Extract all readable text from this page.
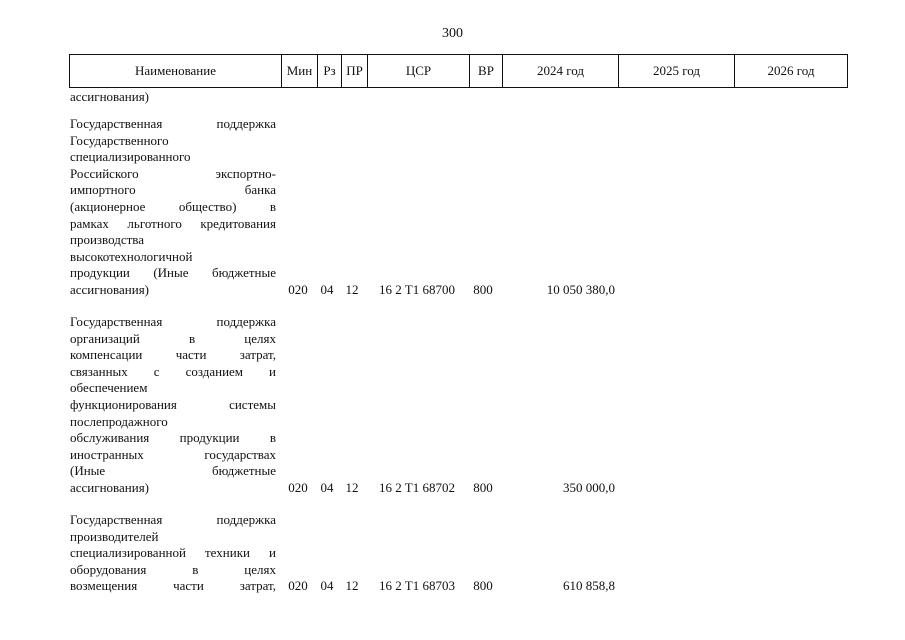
300
Наименование	Мин Рз ПР	ЦСР	ВР	2024 год	2025 год	2026 год
ассигнования)
Государственная	поддержка
Государственного
специализированного
Российского	экспортно-
импортного	банка
(акционерное	общество)	в
рамках льготного кредитования
производства
высокотехнологичной
продукции (Иные бюджетные
ассигнования)	020 04 12	16 2 T1 68700	800	10 050 380,0
Государственная	поддержка
организаций	в	целях
компенсации	части	затрат,
связанных с созданием и
обеспечением
функционирования	системы
послепродажного
обслуживания продукции в
иностранных	государствах
(Иные	бюджетные
ассигнования)	020 04 12	16 2 T1 68702	800	350 000,0
Государственная	поддержка
производителей
специализированной техники и
оборудования	в	целях
возмещения	части	затрат, 020 04 12	16 2 T1 68703	800	610 858,8
